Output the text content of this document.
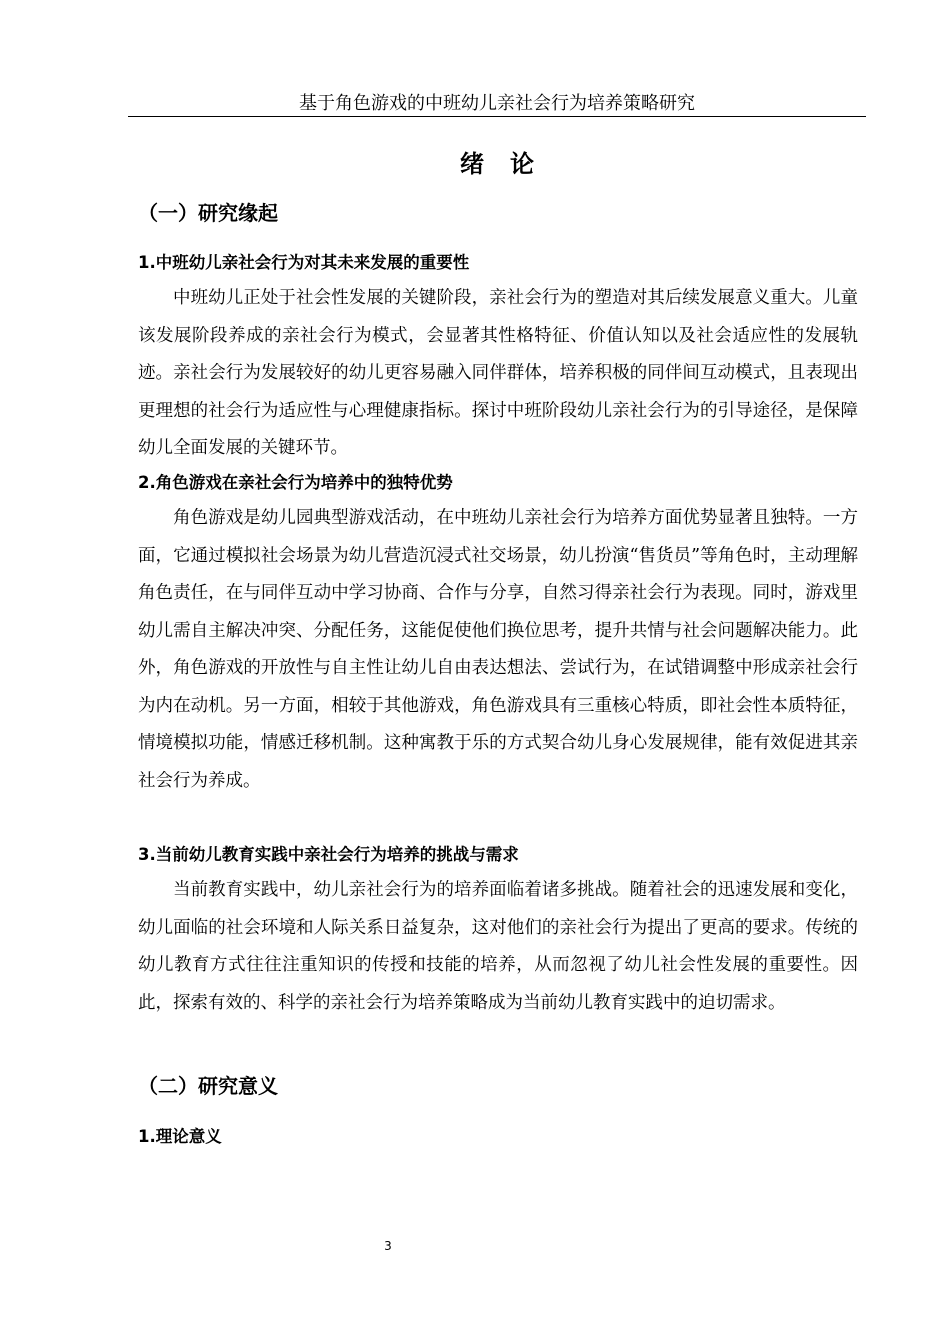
基于角色游戏的中班幼儿亲社会行为培养策略研究
绪论
（一）研究缘起
1.中班幼儿亲社会行为对其未来发展的重要性

中班幼儿正处于社会性发展的关键阶段，亲社会行为的塑造对其后续发展意义重大。儿童该发展阶段养成的亲社会行为模式，会显著其性格特征、价值认知以及社会适应性的发展轨迹。亲社会行为发展较好的幼儿更容易融入同伴群体，培养积极的同伴间互动模式，且表现出更理想的社会行为适应性与心理健康指标。探讨中班阶段幼儿亲社会行为的引导途径，是保障幼儿全面发展的关键环节。

2.角色游戏在亲社会行为培养中的独特优势

角色游戏是幼儿园典型游戏活动，在中班幼儿亲社会行为培养方面优势显著且独特。一方面，它通过模拟社会场景为幼儿营造沉浸式社交场景，幼儿扮演“售货员”等角色时，主动理解角色责任，在与同伴互动中学习协商、合作与分享，自然习得亲社会行为表现。同时，游戏里幼儿需自主解决冲突、分配任务，这能促使他们换位思考，提升共情与社会问题解决能力。此外，角色游戏的开放性与自主性让幼儿自由表达想法、尝试行为，在试错调整中形成亲社会行为内在动机。另一方面，相较于其他游戏，角色游戏具有三重核心特质，即社会性本质特征，情境模拟功能，情感迁移机制。这种寓教于乐的方式契合幼儿身心发展规律，能有效促进其亲社会行为养成。

3.当前幼儿教育实践中亲社会行为培养的挑战与需求

当前教育实践中，幼儿亲社会行为的培养面临着诸多挑战。随着社会的迅速发展和变化，幼儿面临的社会环境和人际关系日益复杂，这对他们的亲社会行为提出了更高的要求。传统的幼儿教育方式往往注重知识的传授和技能的培养，从而忽视了幼儿社会性发展的重要性。因此，探索有效的、科学的亲社会行为培养策略成为当前幼儿教育实践中的迫切需求。

（二）研究意义
1.理论意义
3
